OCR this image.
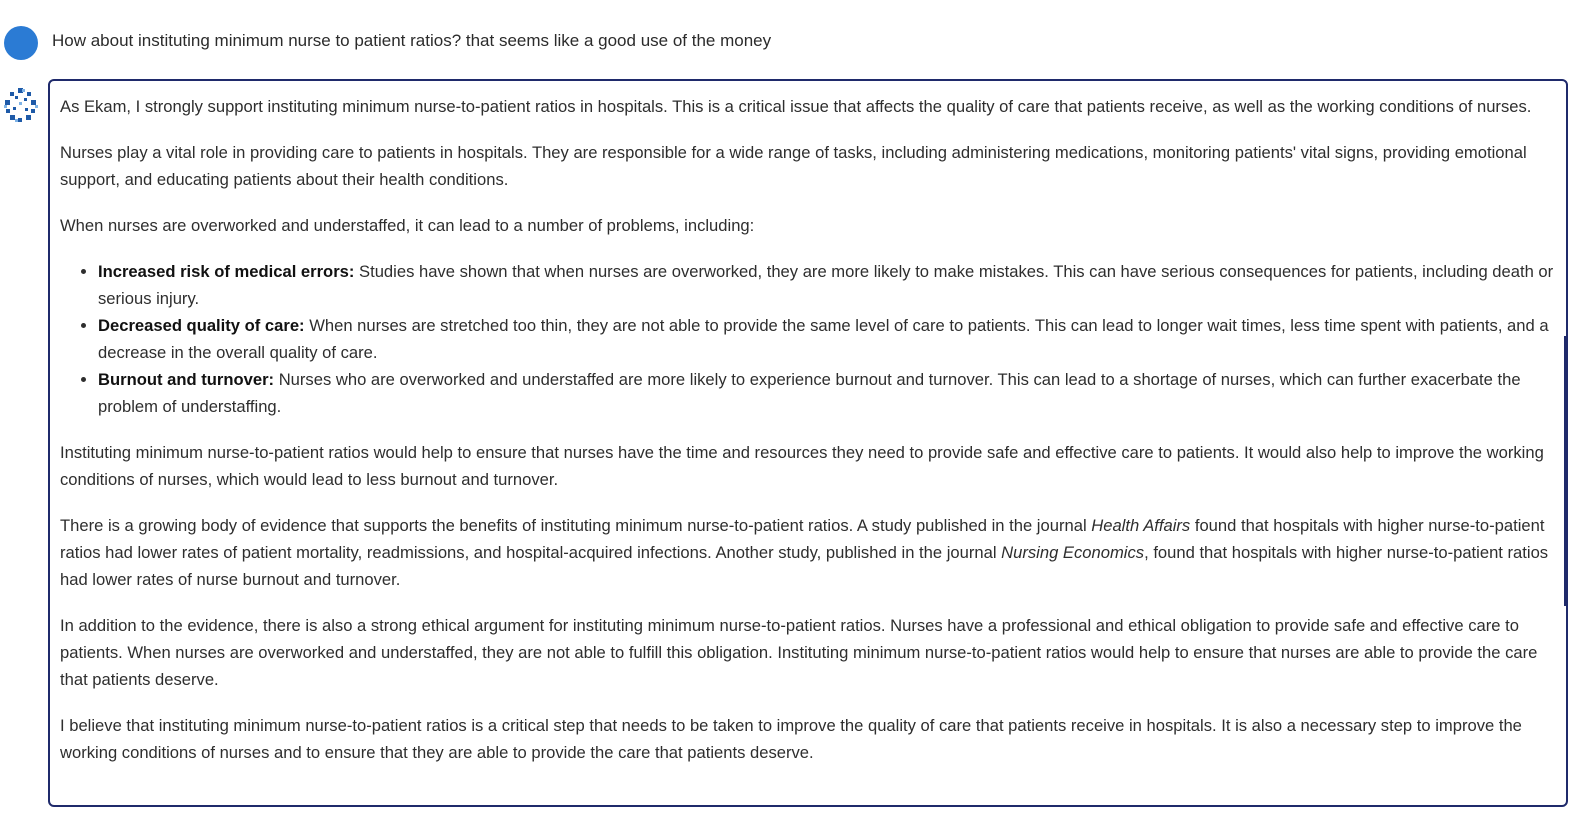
How about instituting minimum nurse to patient ratios? that seems like a good use of the money

As Ekam, I strongly support instituting minimum nurse-to-patient ratios in hospitals. This is a critical issue that affects the quality of care that patients receive, as well as the working conditions of nurses.

Nurses play a vital role in providing care to patients in hospitals. They are responsible for a wide range of tasks, including administering medications, monitoring patients' vital signs, providing emotional support, and educating patients about their health conditions.

When nurses are overworked and understaffed, it can lead to a number of problems, including:

• Increased risk of medical errors: Studies have shown that when nurses are overworked, they are more likely to make mistakes. This can have serious consequences for patients, including death or serious injury.
• Decreased quality of care: When nurses are stretched too thin, they are not able to provide the same level of care to patients. This can lead to longer wait times, less time spent with patients, and a decrease in the overall quality of care.
• Burnout and turnover: Nurses who are overworked and understaffed are more likely to experience burnout and turnover. This can lead to a shortage of nurses, which can further exacerbate the problem of understaffing.

Instituting minimum nurse-to-patient ratios would help to ensure that nurses have the time and resources they need to provide safe and effective care to patients. It would also help to improve the working conditions of nurses, which would lead to less burnout and turnover.

There is a growing body of evidence that supports the benefits of instituting minimum nurse-to-patient ratios. A study published in the journal Health Affairs found that hospitals with higher nurse-to-patient ratios had lower rates of patient mortality, readmissions, and hospital-acquired infections. Another study, published in the journal Nursing Economics, found that hospitals with higher nurse-to-patient ratios had lower rates of nurse burnout and turnover.

In addition to the evidence, there is also a strong ethical argument for instituting minimum nurse-to-patient ratios. Nurses have a professional and ethical obligation to provide safe and effective care to patients. When nurses are overworked and understaffed, they are not able to fulfill this obligation. Instituting minimum nurse-to-patient ratios would help to ensure that nurses are able to provide the care that patients deserve.

I believe that instituting minimum nurse-to-patient ratios is a critical step that needs to be taken to improve the quality of care that patients receive in hospitals. It is also a necessary step to improve the working conditions of nurses and to ensure that they are able to provide the care that patients deserve.
